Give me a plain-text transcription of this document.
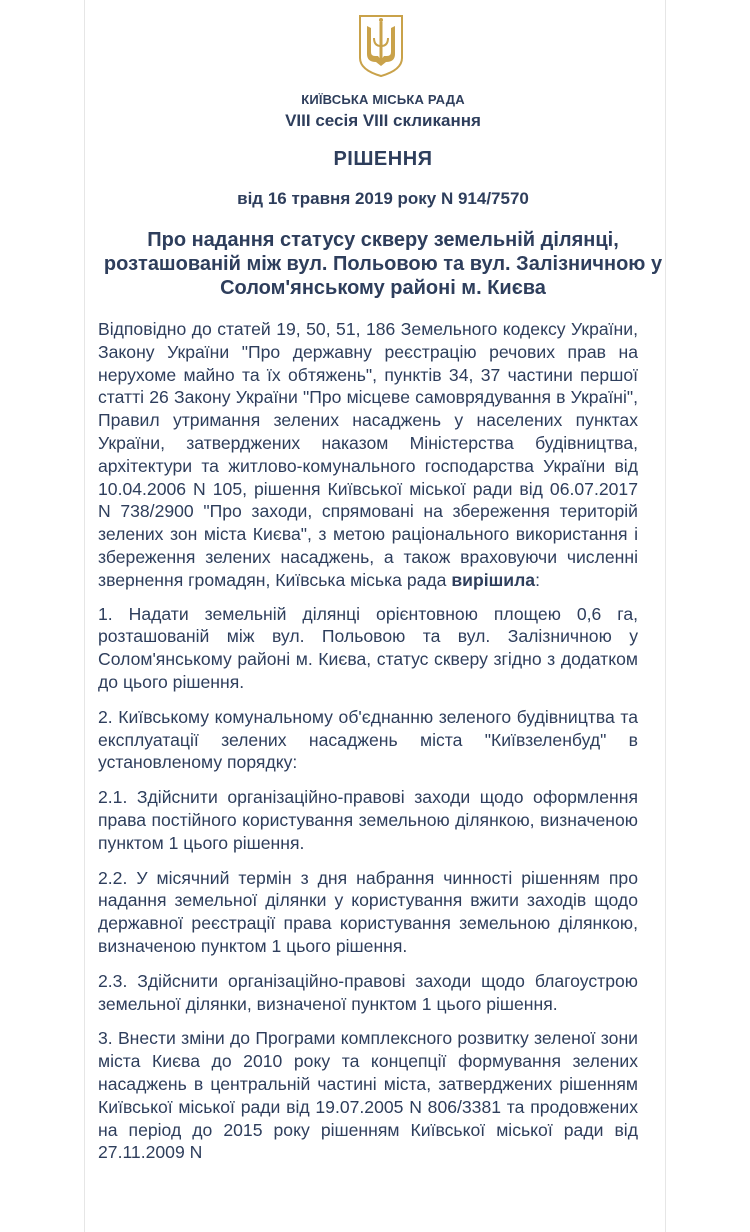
КИЇВСЬКА МІСЬКА РАДА
VIII сесія VIII скликання
РІШЕННЯ
від 16 травня 2019 року N 914/7570
Про надання статусу скверу земельній ділянці, розташованій між вул. Польовою та вул. Залізничною у Солом'янському районі м. Києва

Відповідно до статей 19, 50, 51, 186 Земельного кодексу України, Закону України "Про державну реєстрацію речових прав на нерухоме майно та їх обтяжень", пунктів 34, 37 частини першої статті 26 Закону України "Про місцеве самоврядування в Україні", Правил утримання зелених насаджень у населених пунктах України, затверджених наказом Міністерства будівництва, архітектури та житлово-комунального господарства України від 10.04.2006 N 105, рішення Київської міської ради від 06.07.2017 N 738/2900 "Про заходи, спрямовані на збереження територій зелених зон міста Києва", з метою раціонального використання і збереження зелених насаджень, а також враховуючи численні звернення громадян, Київська міська рада вирішила:

1. Надати земельній ділянці орієнтовною площею 0,6 га, розташованій між вул. Польовою та вул. Залізничною у Солом'янському районі м. Києва, статус скверу згідно з додатком до цього рішення.

2. Київському комунальному об'єднанню зеленого будівництва та експлуатації зелених насаджень міста "Київзеленбуд" в установленому порядку:

2.1. Здійснити організаційно-правові заходи щодо оформлення права постійного користування земельною ділянкою, визначеною пунктом 1 цього рішення.

2.2. У місячний термін з дня набрання чинності рішенням про надання земельної ділянки у користування вжити заходів щодо державної реєстрації права користування земельною ділянкою, визначеною пунктом 1 цього рішення.

2.3. Здійснити організаційно-правові заходи щодо благоустрою земельної ділянки, визначеної пунктом 1 цього рішення.

3. Внести зміни до Програми комплексного розвитку зеленої зони міста Києва до 2010 року та концепції формування зелених насаджень в центральній частині міста, затверджених рішенням Київської міської ради від 19.07.2005 N 806/3381 та продовжених на період до 2015 року рішенням Київської міської ради від 27.11.2009 N
